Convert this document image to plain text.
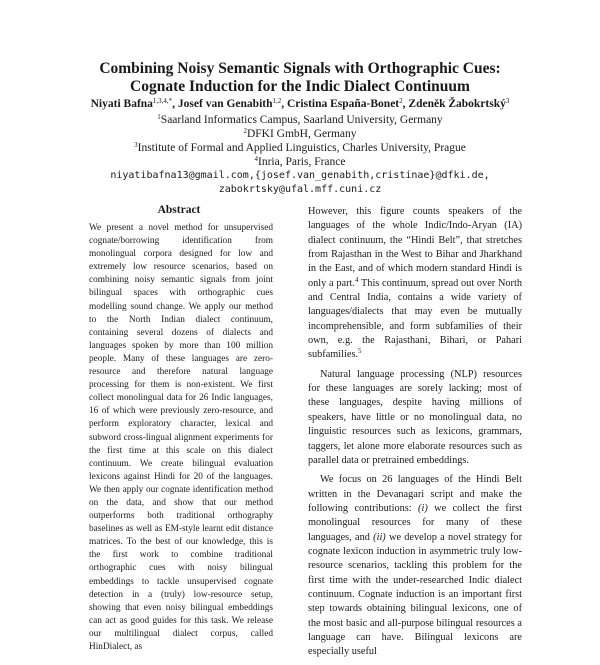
Combining Noisy Semantic Signals with Orthographic Cues:
Cognate Induction for the Indic Dialect Continuum
Niyati Bafna$^{1,3,4,*}$, Josef van Genabith$^{1,2}$, Cristina España-Bonet$^2$, Zdeněk Žabokrtský$^3$
$^1$Saarland Informatics Campus, Saarland University, Germany
$^2$DFKI GmbH, Germany
$^3$Institute of Formal and Applied Linguistics, Charles University, Prague
$^4$Inria, Paris, France
niyatibafna13@gmail.com,{josef.van_genabith,cristinae}@dfki.de,
zabokrtsky@ufal.mff.cuni.cz
Abstract
We present a novel method for unsupervised cognate/borrowing identification from monolingual corpora designed for low and extremely low resource scenarios, based on combining noisy semantic signals from joint bilingual spaces with orthographic cues modelling sound change. We apply our method to the North Indian dialect continuum, containing several dozens of dialects and languages spoken by more than 100 million people. Many of these languages are zero-resource and therefore natural language processing for them is non-existent. We first collect monolingual data for 26 Indic languages, 16 of which were previously zero-resource, and perform exploratory character, lexical and subword cross-lingual alignment experiments for the first time at this scale on this dialect continuum. We create bilingual evaluation lexicons against Hindi for 20 of the languages. We then apply our cognate identification method on the data, and show that our method outperforms both traditional orthography baselines as well as EM-style learnt edit distance matrices. To the best of our knowledge, this is the first work to combine traditional orthographic cues with noisy bilingual embeddings to tackle unsupervised cognate detection in a (truly) low-resource setup, showing that even noisy bilingual embeddings can act as good guides for this task. We release our multilingual dialect corpus, called HinDialect, as

However, this figure counts speakers of the languages of the whole Indic/Indo-Aryan (IA) dialect continuum, the “Hindi Belt”, that stretches from Rajasthan in the West to Bihar and Jharkhand in the East, and of which modern standard Hindi is only a part.$^4$ This continuum, spread out over North and Central India, contains a wide variety of languages/dialects that may even be mutually incomprehensible, and form subfamilies of their own, e.g. the Rajasthani, Bihari, or Pahari subfamilies.$^5$

Natural language processing (NLP) resources for these languages are sorely lacking; most of these languages, despite having millions of speakers, have little or no monolingual data, no linguistic resources such as lexicons, grammars, taggers, let alone more elaborate resources such as parallel data or pretrained embeddings.

We focus on 26 languages of the Hindi Belt written in the Devanagari script and make the following contributions: (i) we collect the first monolingual resources for many of these languages, and (ii) we develop a novel strategy for cognate lexicon induction in asymmetric truly low-resource scenarios, tackling this problem for the first time with the under-researched Indic dialect continuum. Cognate induction is an important first step towards obtaining bilingual lexicons, one of the most basic and all-purpose bilingual resources a language can have. Bilingual lexicons are especially useful
